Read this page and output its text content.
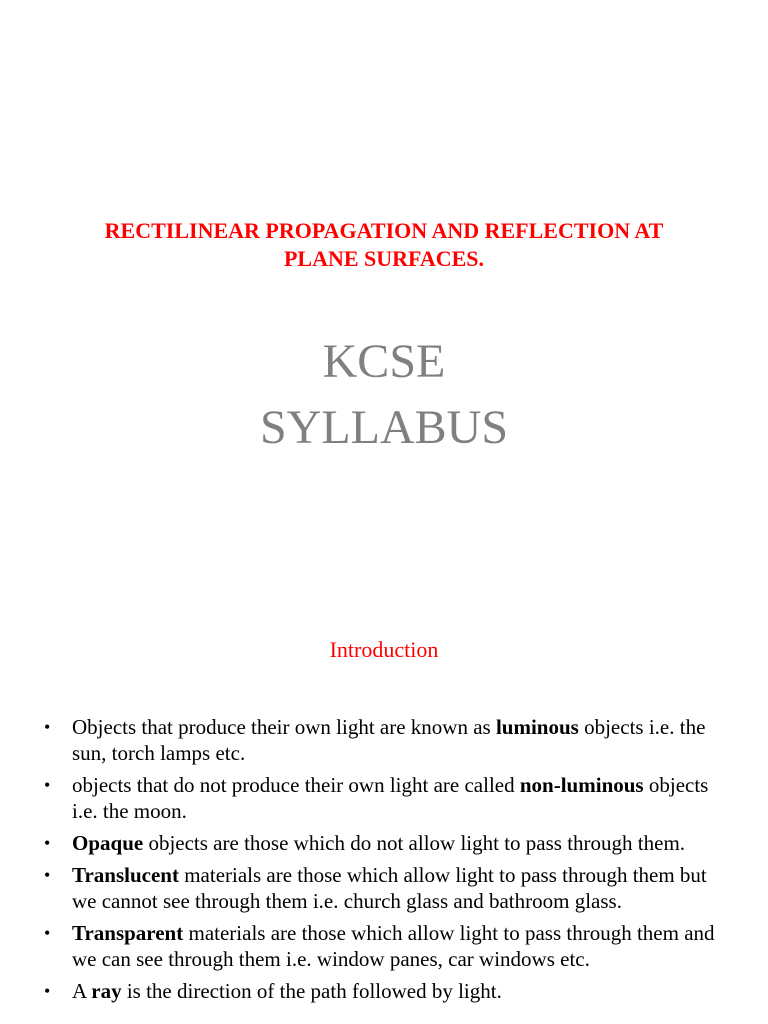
RECTILINEAR PROPAGATION AND REFLECTION AT
PLANE SURFACES.
KCSE
SYLLABUS
Introduction
• Objects that produce their own light are known as luminous objects i.e. the sun, torch lamps etc.
• objects that do not produce their own light are called non-luminous objects i.e. the moon.
• Opaque objects are those which do not allow light to pass through them.
• Translucent materials are those which allow light to pass through them but we cannot see through them i.e. church glass and bathroom glass.
• Transparent materials are those which allow light to pass through them and we can see through them i.e. window panes, car windows etc.
• A ray is the direction of the path followed by light.
